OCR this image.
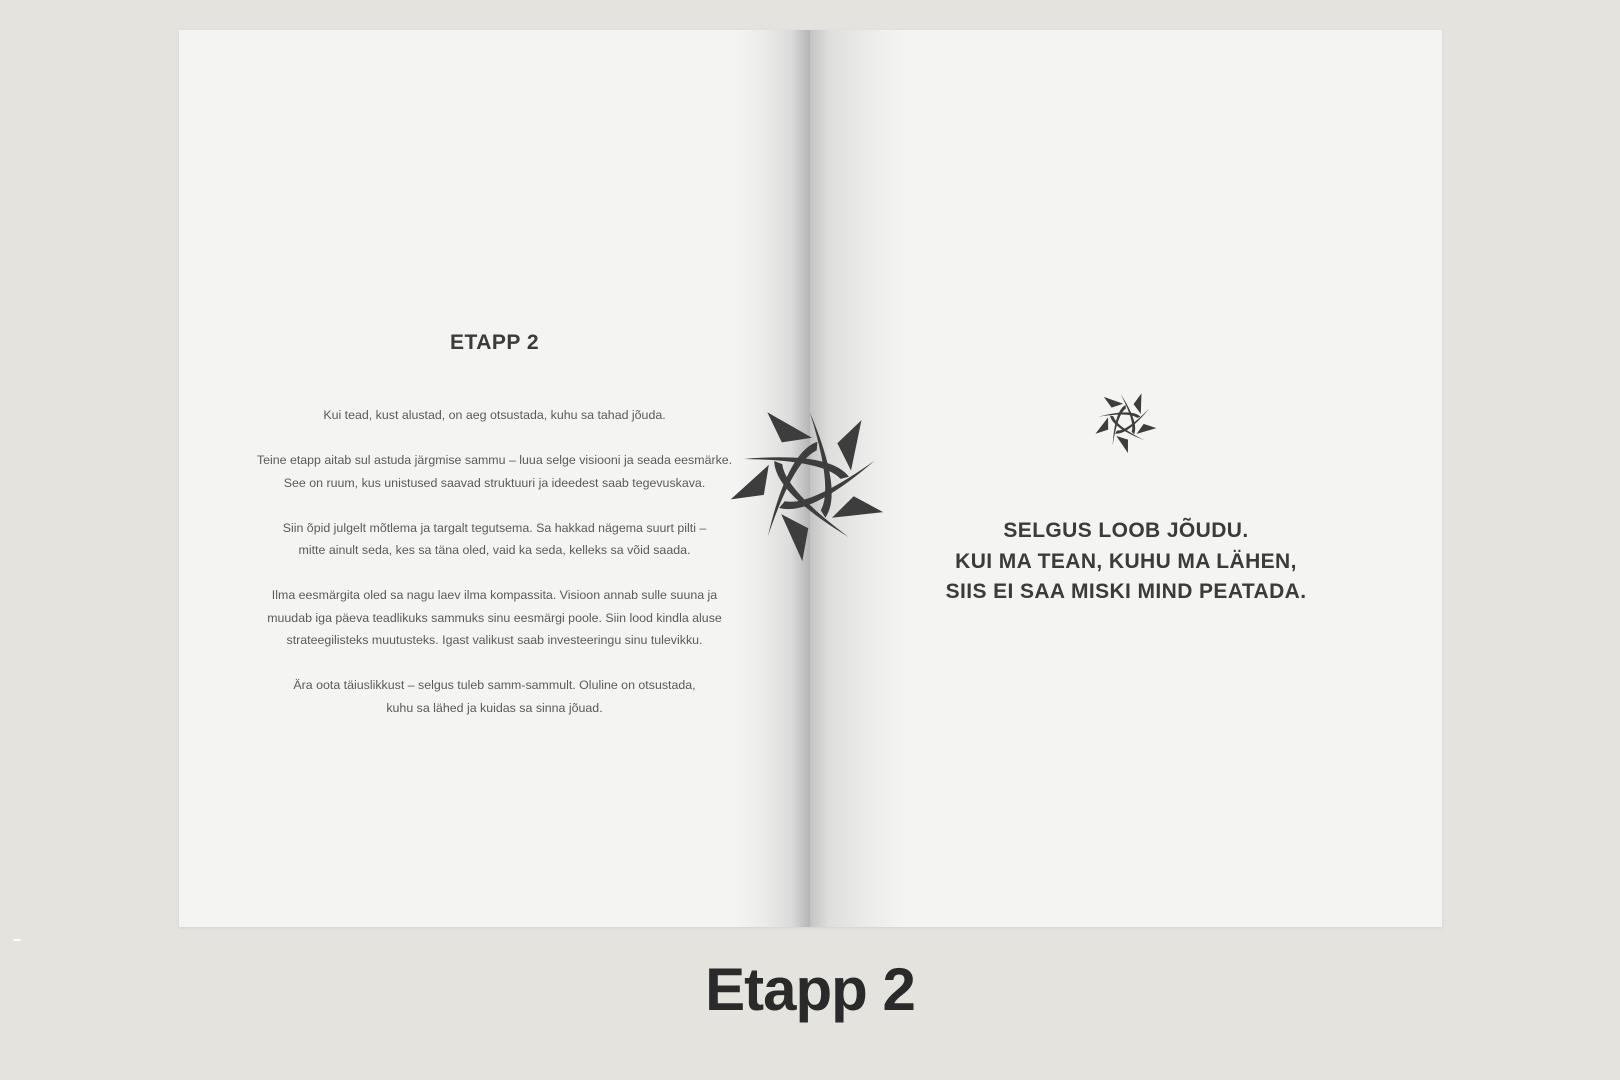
ETAPP 2

Kui tead, kust alustad, on aeg otsustada, kuhu sa tahad jõuda.

Teine etapp aitab sul astuda järgmise sammu – luua selge visiooni ja seada eesmärke.
See on ruum, kus unistused saavad struktuuri ja ideedest saab tegevuskava.

Siin õpid julgelt mõtlema ja targalt tegutsema. Sa hakkad nägema suurt pilti –
mitte ainult seda, kes sa täna oled, vaid ka seda, kelleks sa võid saada.

Ilma eesmärgita oled sa nagu laev ilma kompassita. Visioon annab sulle suuna ja
muudab iga päeva teadlikuks sammuks sinu eesmärgi poole. Siin lood kindla aluse
strateegilisteks muutusteks. Igast valikust saab investeeringu sinu tulevikku.

Ära oota täiuslikkust – selgus tuleb samm-sammult. Oluline on otsustada,
kuhu sa lähed ja kuidas sa sinna jõuad.

SELGUS LOOB JÕUDU.
KUI MA TEAN, KUHU MA LÄHEN,
SIIS EI SAA MISKI MIND PEATADA.
Etapp 2
